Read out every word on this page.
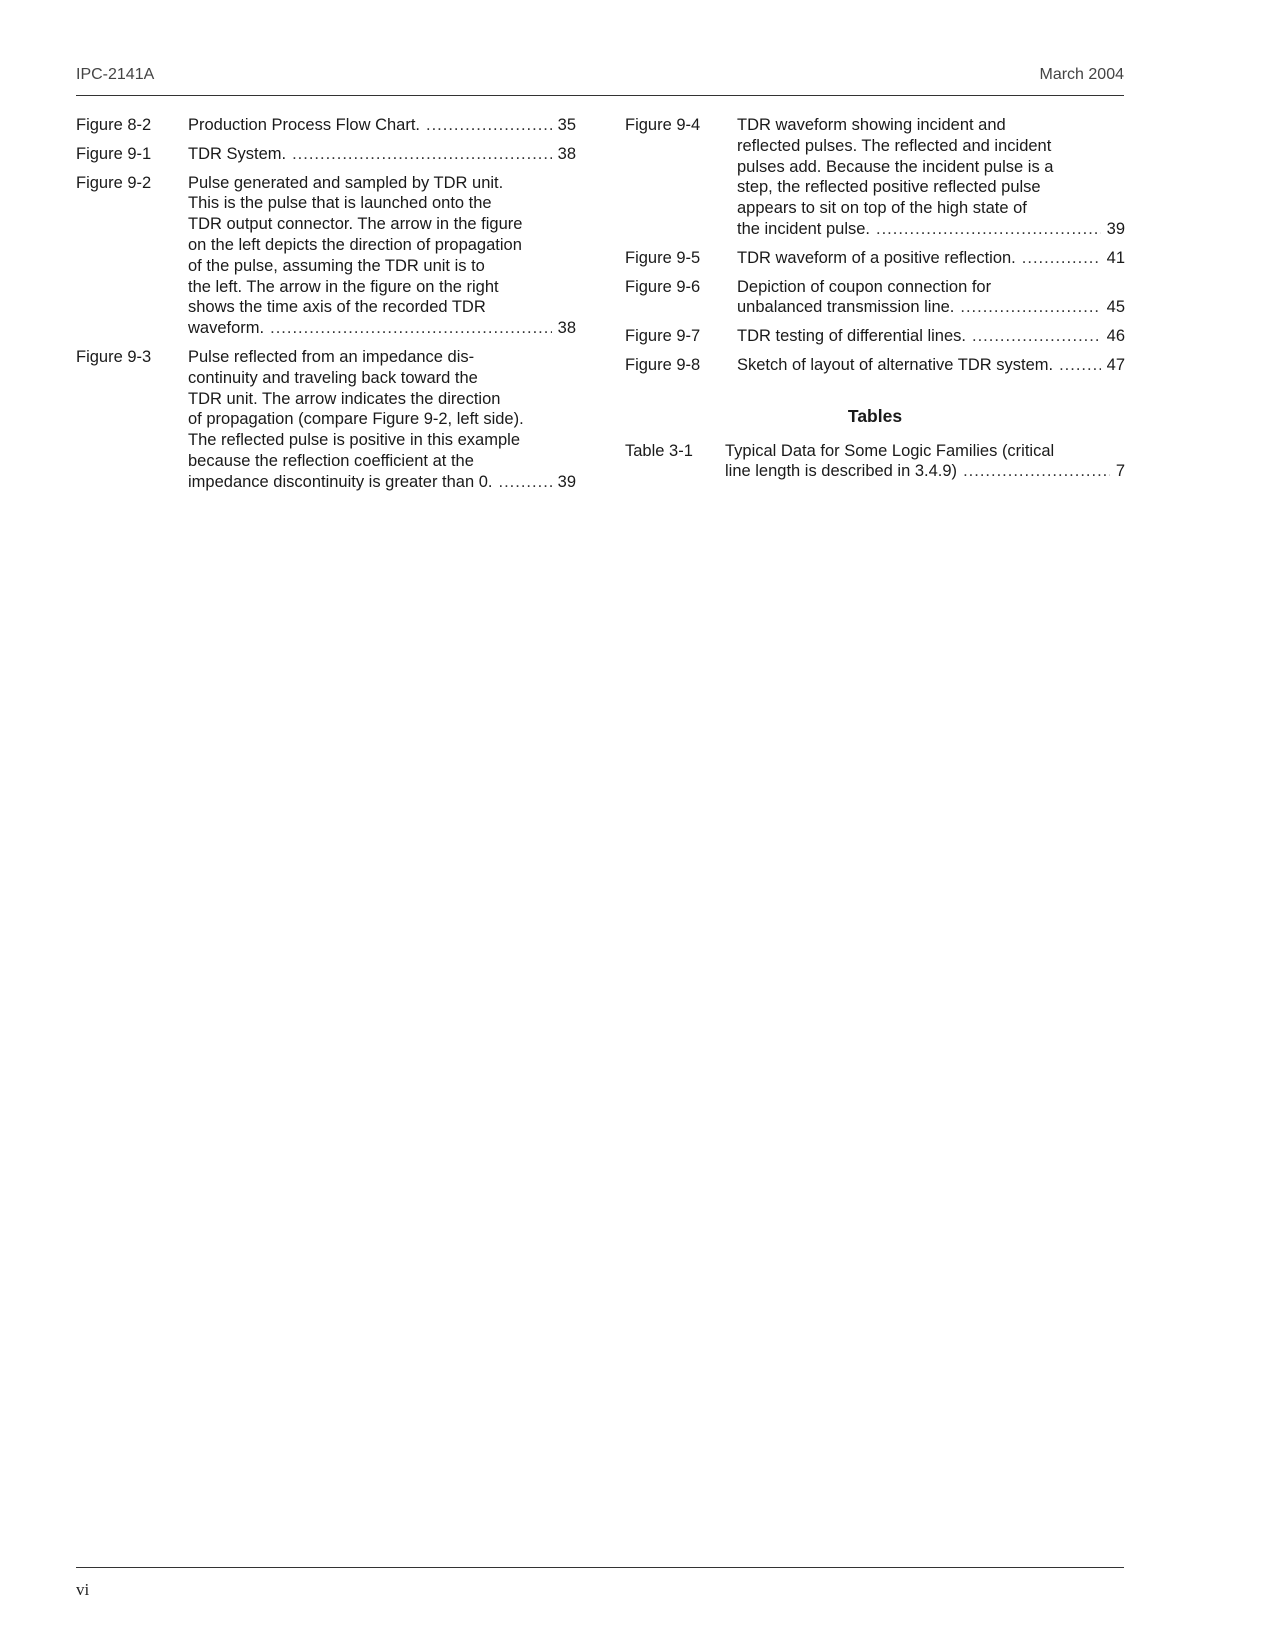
IPC-2141A	March 2004
Figure 8-2	Production Process Flow Chart. .....	35
Figure 9-1	TDR System. .....	38
Figure 9-2	Pulse generated and sampled by TDR unit.
This is the pulse that is launched onto the
TDR output connector. The arrow in the figure
on the left depicts the direction of propagation
of the pulse, assuming the TDR unit is to
the left. The arrow in the figure on the right
shows the time axis of the recorded TDR
waveform. .....	38
Figure 9-3	Pulse reflected from an impedance dis-
continuity and traveling back toward the
TDR unit. The arrow indicates the direction
of propagation (compare Figure 9-2, left side).
The reflected pulse is positive in this example
because the reflection coefficient at the
impedance discontinuity is greater than 0. .....	39
Figure 9-4	TDR waveform showing incident and
reflected pulses. The reflected and incident
pulses add. Because the incident pulse is a
step, the reflected positive reflected pulse
appears to sit on top of the high state of
the incident pulse. .....	39
Figure 9-5	TDR waveform of a positive reflection. .....	41
Figure 9-6	Depiction of coupon connection for
unbalanced transmission line. .....	45
Figure 9-7	TDR testing of differential lines. .....	46
Figure 9-8	Sketch of layout of alternative TDR system. .....	47
Tables
Table 3-1	Typical Data for Some Logic Families (critical
line length is described in 3.4.9) .....	7
vi
